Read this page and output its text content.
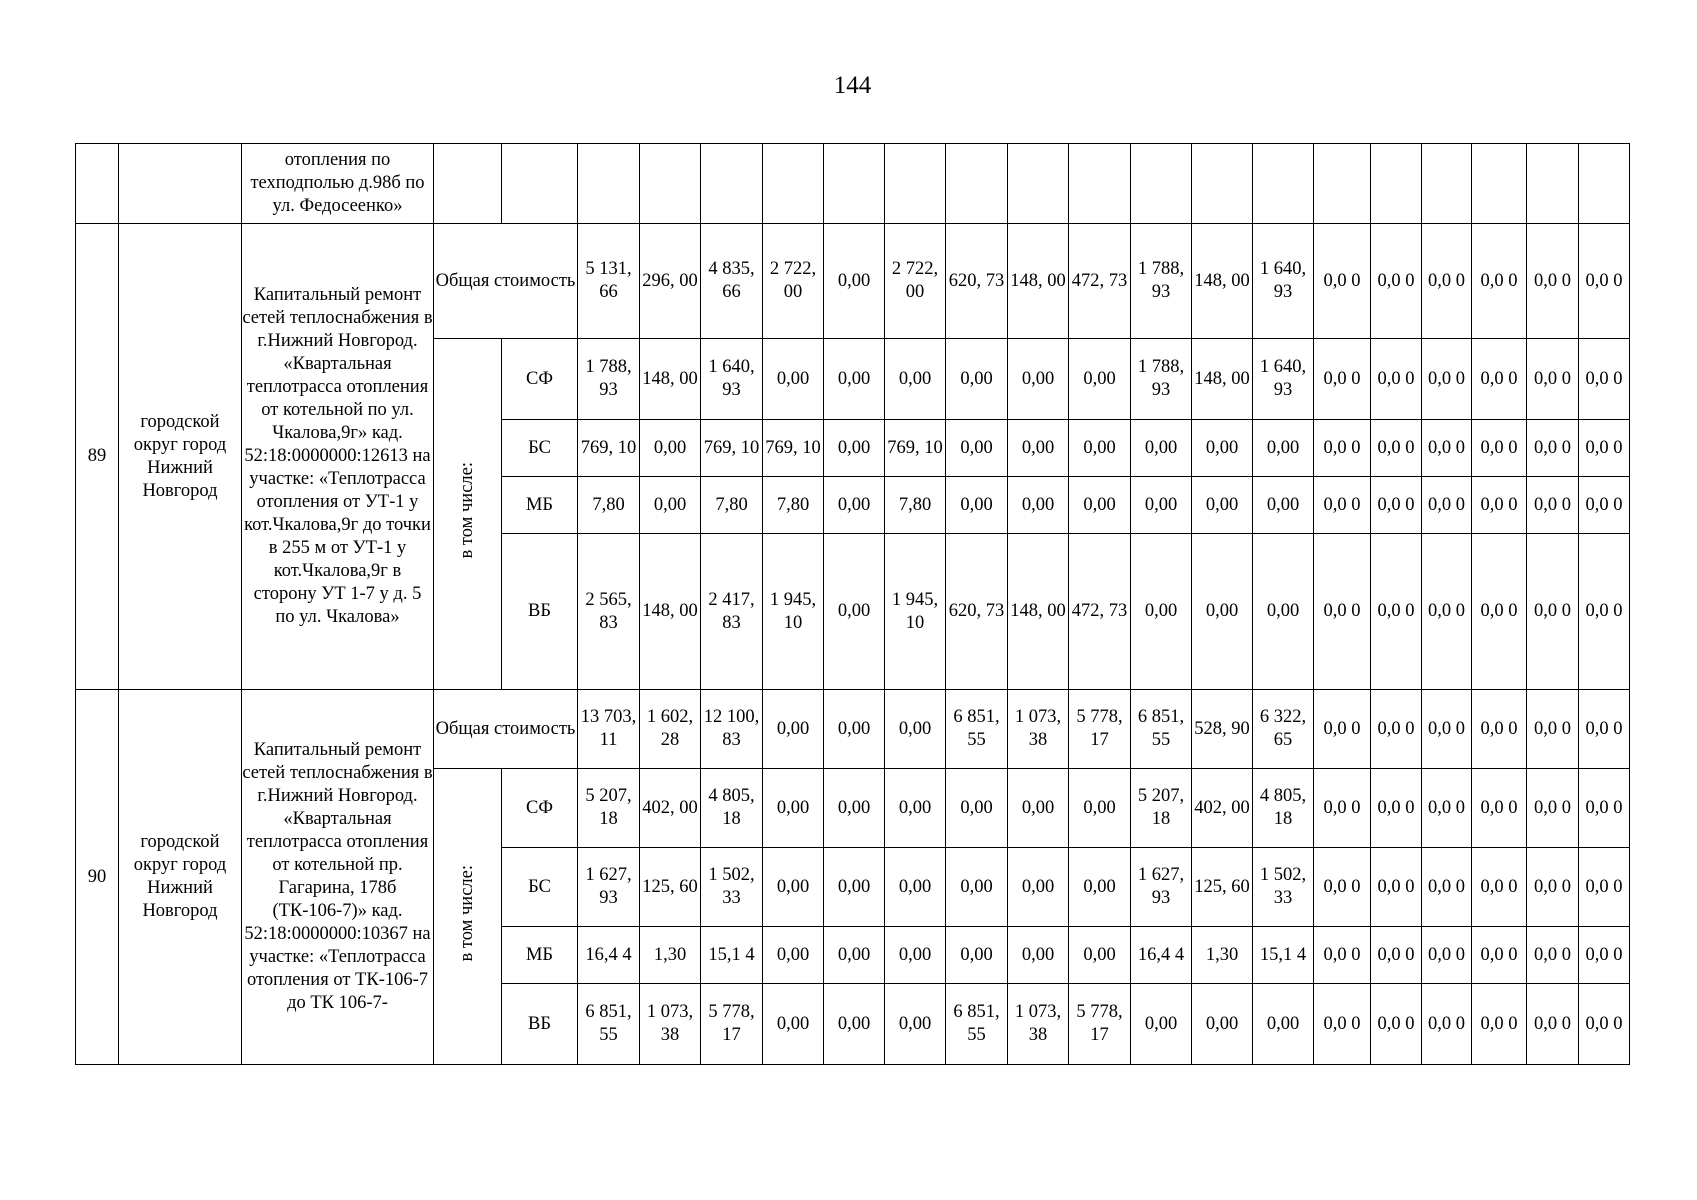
144
		отопления по техподполью д.98б по ул. Федосеенко»																				
89	городской округ город Нижний Новгород	Капитальный ремонт сетей теплоснабжения в г.Нижний Новгород. «Квартальная теплотрасса отопления от котельной по ул. Чкалова,9г» кад. 52:18:0000000:12613 на участке: «Теплотрасса отопления от УТ-1 у кот.Чкалова,9г до точки в 255 м от УТ-1 у кот.Чкалова,9г в сторону УТ 1-7 у д. 5 по ул. Чкалова»	Общая стоимость		5 131, 66	296, 00	4 835, 66	2 722, 00	0,00	2 722, 00	620, 73	148, 00	472, 73	1 788, 93	148, 00	1 640, 93	0,0 0	0,0 0	0,0 0	0,0 0	0,0 0	0,0 0
			в том числе:	СФ	1 788, 93	148, 00	1 640, 93	0,00	0,00	0,00	0,00	0,00	0,00	1 788, 93	148, 00	1 640, 93	0,0 0	0,0 0	0,0 0	0,0 0	0,0 0	0,0 0
				БС	769, 10	0,00	769, 10	769, 10	0,00	769, 10	0,00	0,00	0,00	0,00	0,00	0,00	0,0 0	0,0 0	0,0 0	0,0 0	0,0 0	0,0 0
				МБ	7,80	0,00	7,80	7,80	0,00	7,80	0,00	0,00	0,00	0,00	0,00	0,00	0,0 0	0,0 0	0,0 0	0,0 0	0,0 0	0,0 0
				ВБ	2 565, 83	148, 00	2 417, 83	1 945, 10	0,00	1 945, 10	620, 73	148, 00	472, 73	0,00	0,00	0,00	0,0 0	0,0 0	0,0 0	0,0 0	0,0 0	0,0 0
90	городской округ город Нижний Новгород	Капитальный ремонт сетей теплоснабжения в г.Нижний Новгород. «Квартальная теплотрасса отопления от котельной пр. Гагарина, 178б (ТК-106-7)» кад. 52:18:0000000:10367 на участке: «Теплотрасса отопления от ТК-106-7 до ТК 106-7-	Общая стоимость		13 703, 11	1 602, 28	12 100, 83	0,00	0,00	0,00	6 851, 55	1 073, 38	5 778, 17	6 851, 55	528, 90	6 322, 65	0,0 0	0,0 0	0,0 0	0,0 0	0,0 0	0,0 0
			в том числе:	СФ	5 207, 18	402, 00	4 805, 18	0,00	0,00	0,00	0,00	0,00	0,00	5 207, 18	402, 00	4 805, 18	0,0 0	0,0 0	0,0 0	0,0 0	0,0 0	0,0 0
				БС	1 627, 93	125, 60	1 502, 33	0,00	0,00	0,00	0,00	0,00	0,00	1 627, 93	125, 60	1 502, 33	0,0 0	0,0 0	0,0 0	0,0 0	0,0 0	0,0 0
				МБ	16,4 4	1,30	15,1 4	0,00	0,00	0,00	0,00	0,00	0,00	16,4 4	1,30	15,1 4	0,0 0	0,0 0	0,0 0	0,0 0	0,0 0	0,0 0
				ВБ	6 851, 55	1 073, 38	5 778, 17	0,00	0,00	0,00	6 851, 55	1 073, 38	5 778, 17	0,00	0,00	0,00	0,0 0	0,0 0	0,0 0	0,0 0	0,0 0	0,0 0
